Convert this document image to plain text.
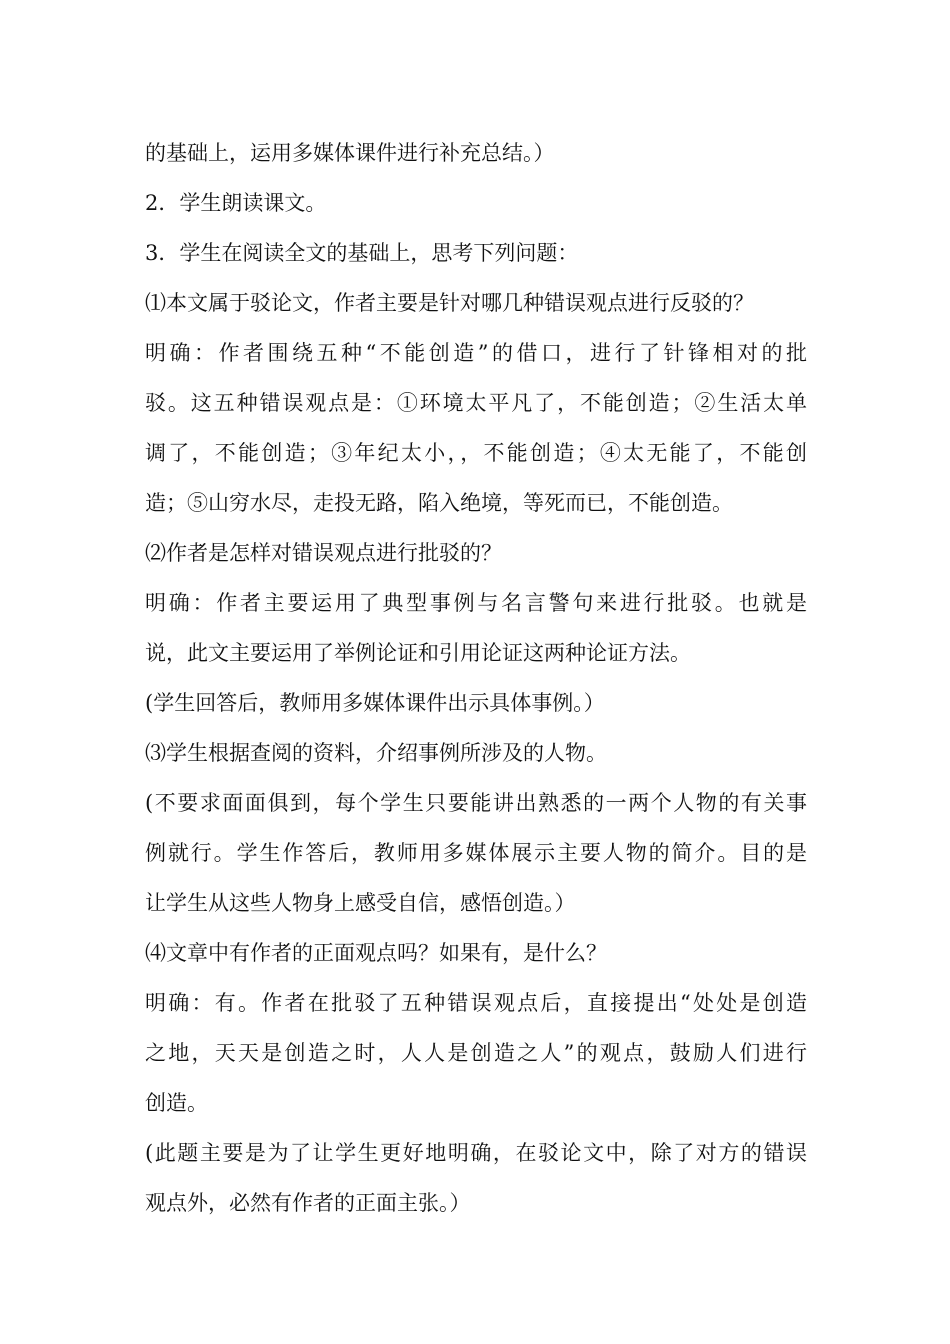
的基础上，运用多媒体课件进行补充总结。）
2．学生朗读课文。
3．学生在阅读全文的基础上，思考下列问题：
⑴本文属于驳论文，作者主要是针对哪几种错误观点进行反驳的？
明确：作者围绕五种“不能创造”的借口，进行了针锋相对的批
驳。这五种错误观点是：①环境太平凡了，不能创造；②生活太单
调了，不能创造；③年纪太小，，不能创造；④太无能了，不能创
造；⑤山穷水尽，走投无路，陷入绝境，等死而已，不能创造。
⑵作者是怎样对错误观点进行批驳的？
明确：作者主要运用了典型事例与名言警句来进行批驳。也就是
说，此文主要运用了举例论证和引用论证这两种论证方法。
(学生回答后，教师用多媒体课件出示具体事例。）
⑶学生根据查阅的资料，介绍事例所涉及的人物。
(不要求面面俱到，每个学生只要能讲出熟悉的一两个人物的有关事
例就行。学生作答后，教师用多媒体展示主要人物的简介。目的是
让学生从这些人物身上感受自信，感悟创造。）
⑷文章中有作者的正面观点吗？如果有，是什么？
明确：有。作者在批驳了五种错误观点后，直接提出“处处是创造
之地，天天是创造之时，人人是创造之人”的观点，鼓励人们进行
创造。
(此题主要是为了让学生更好地明确，在驳论文中，除了对方的错误
观点外，必然有作者的正面主张。）
